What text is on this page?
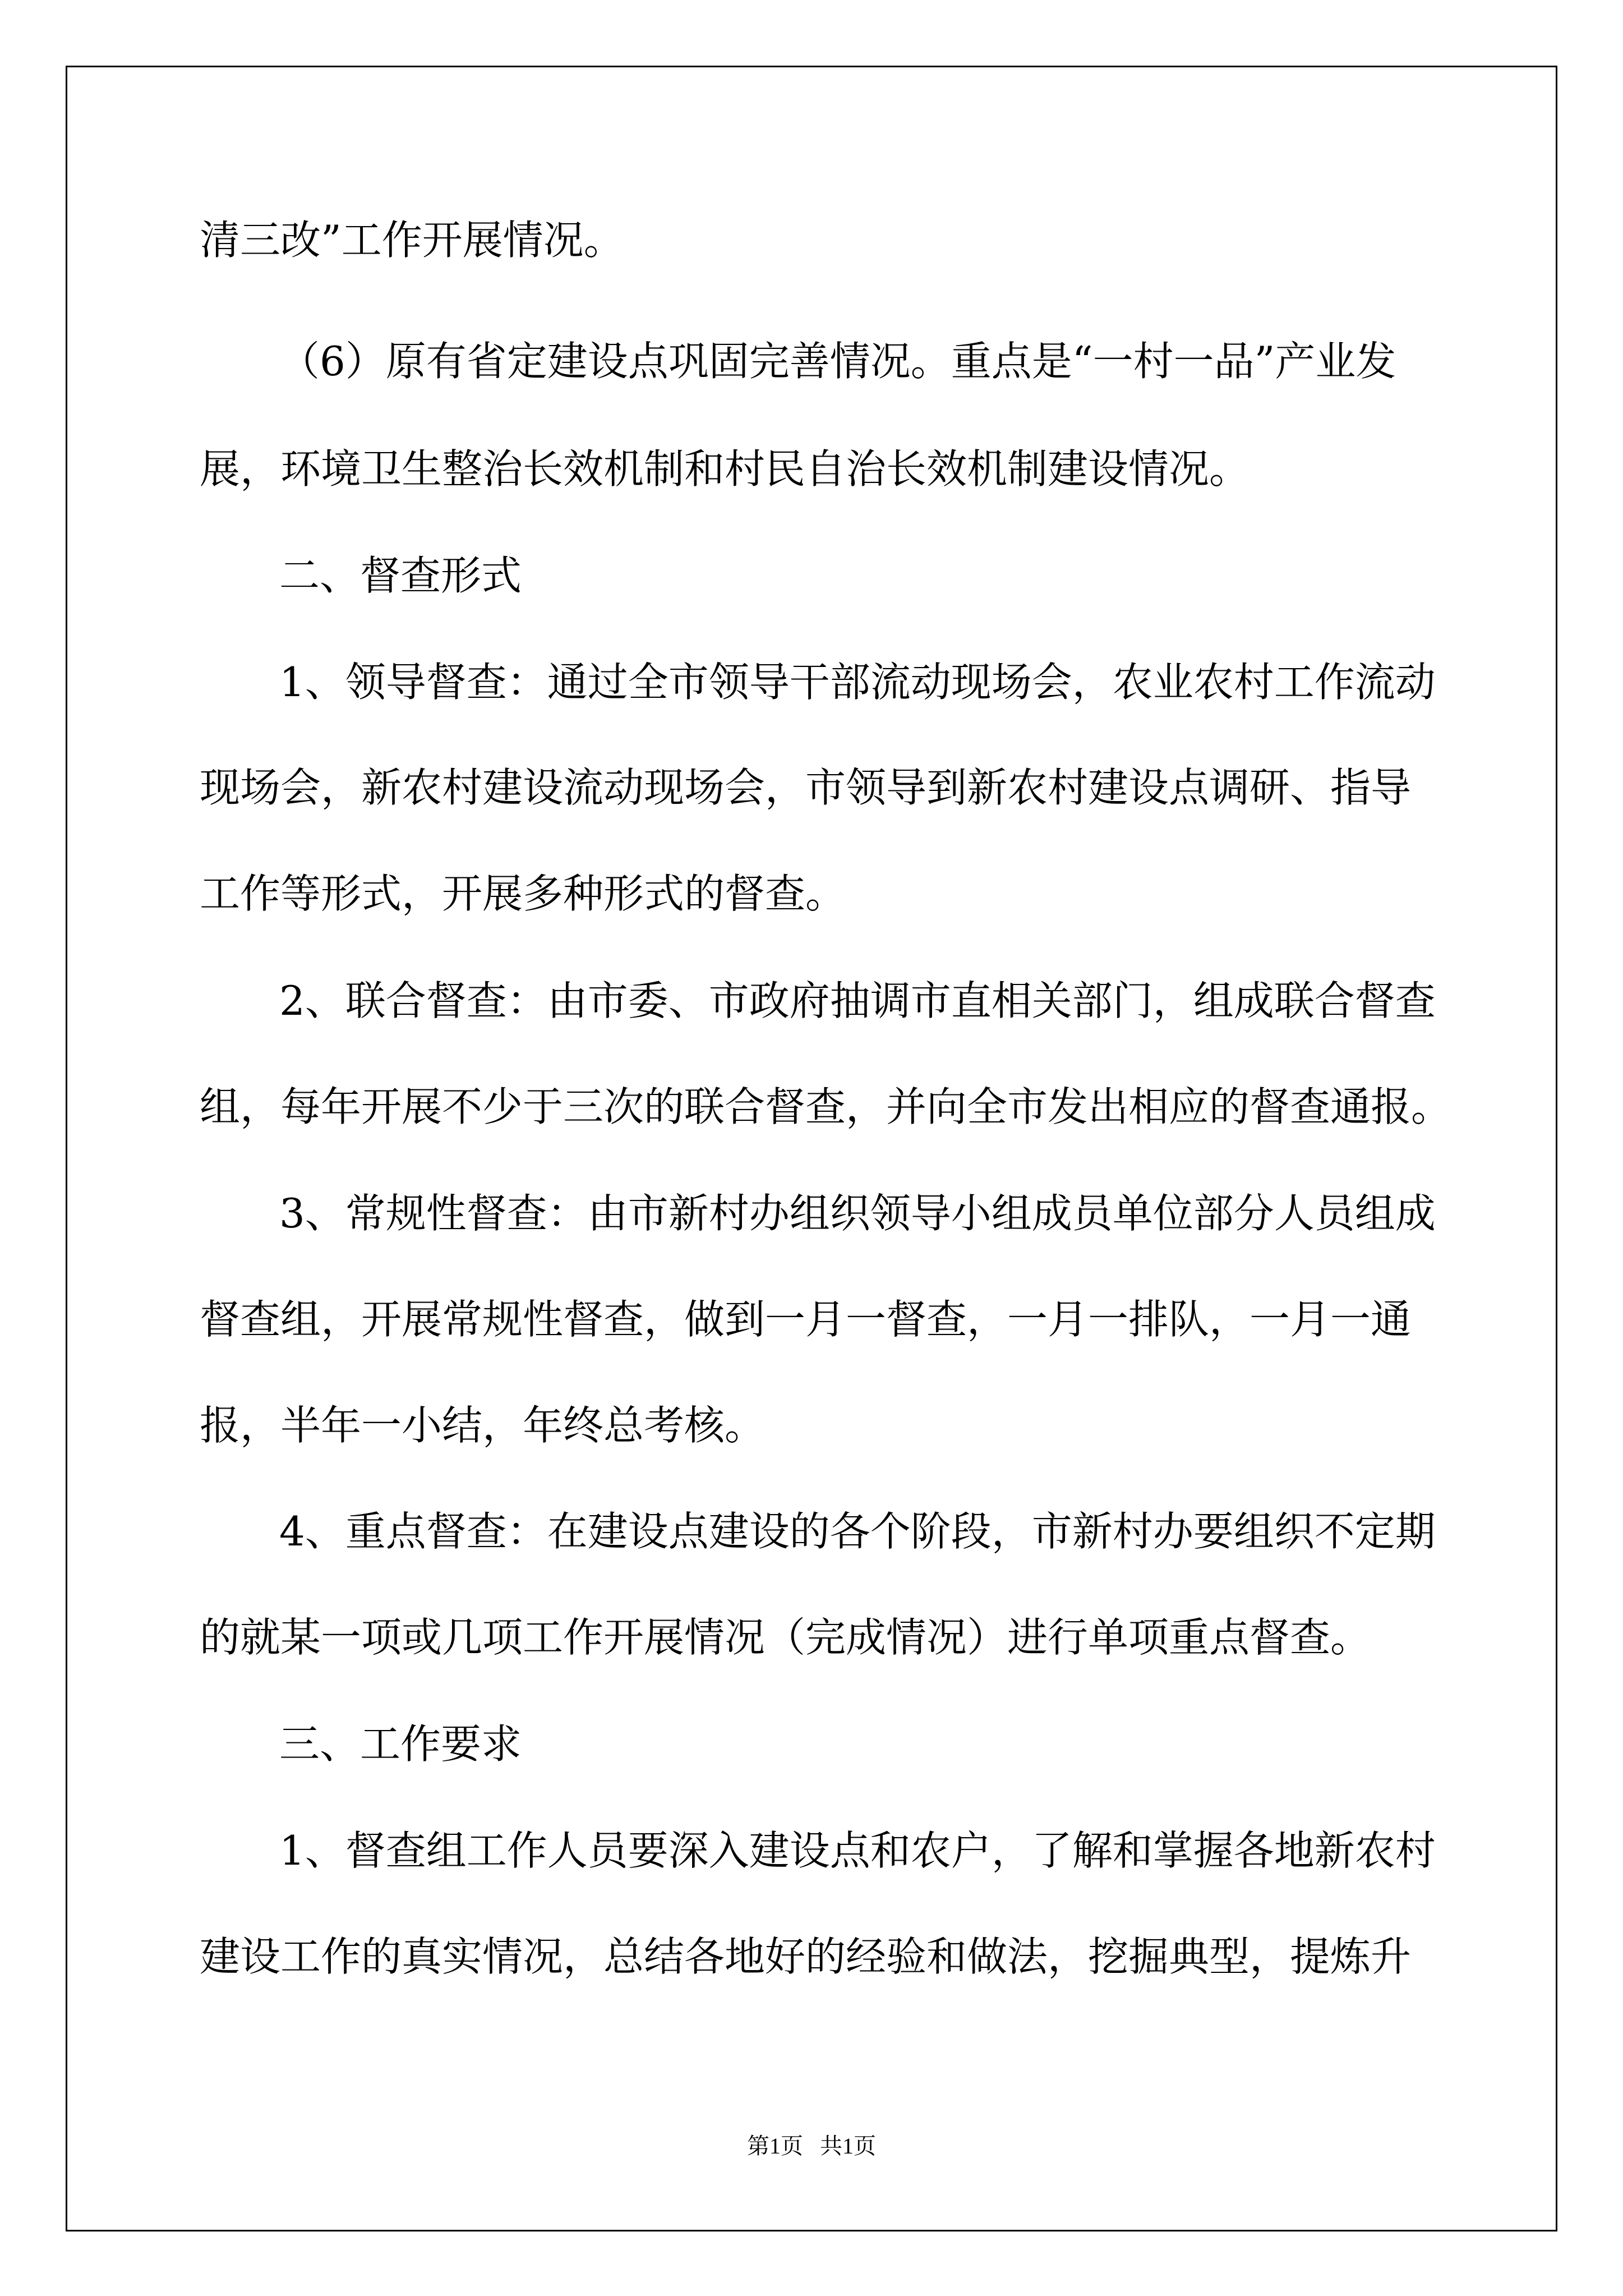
清三改”工作开展情况。
（6）原有省定建设点巩固完善情况。重点是“一村一品”产业发
展，环境卫生整治长效机制和村民自治长效机制建设情况。
二、督查形式
1、领导督查：通过全市领导干部流动现场会，农业农村工作流动
现场会，新农村建设流动现场会，市领导到新农村建设点调研、指导
工作等形式，开展多种形式的督查。
2、联合督查：由市委、市政府抽调市直相关部门，组成联合督查
组，每年开展不少于三次的联合督查，并向全市发出相应的督查通报。
3、常规性督查：由市新村办组织领导小组成员单位部分人员组成
督查组，开展常规性督查，做到一月一督查，一月一排队，一月一通
报，半年一小结，年终总考核。
4、重点督查：在建设点建设的各个阶段，市新村办要组织不定期
的就某一项或几项工作开展情况（完成情况）进行单项重点督查。
三、工作要求
1、督查组工作人员要深入建设点和农户，了解和掌握各地新农村
建设工作的真实情况，总结各地好的经验和做法，挖掘典型，提炼升
第1页   共1页
